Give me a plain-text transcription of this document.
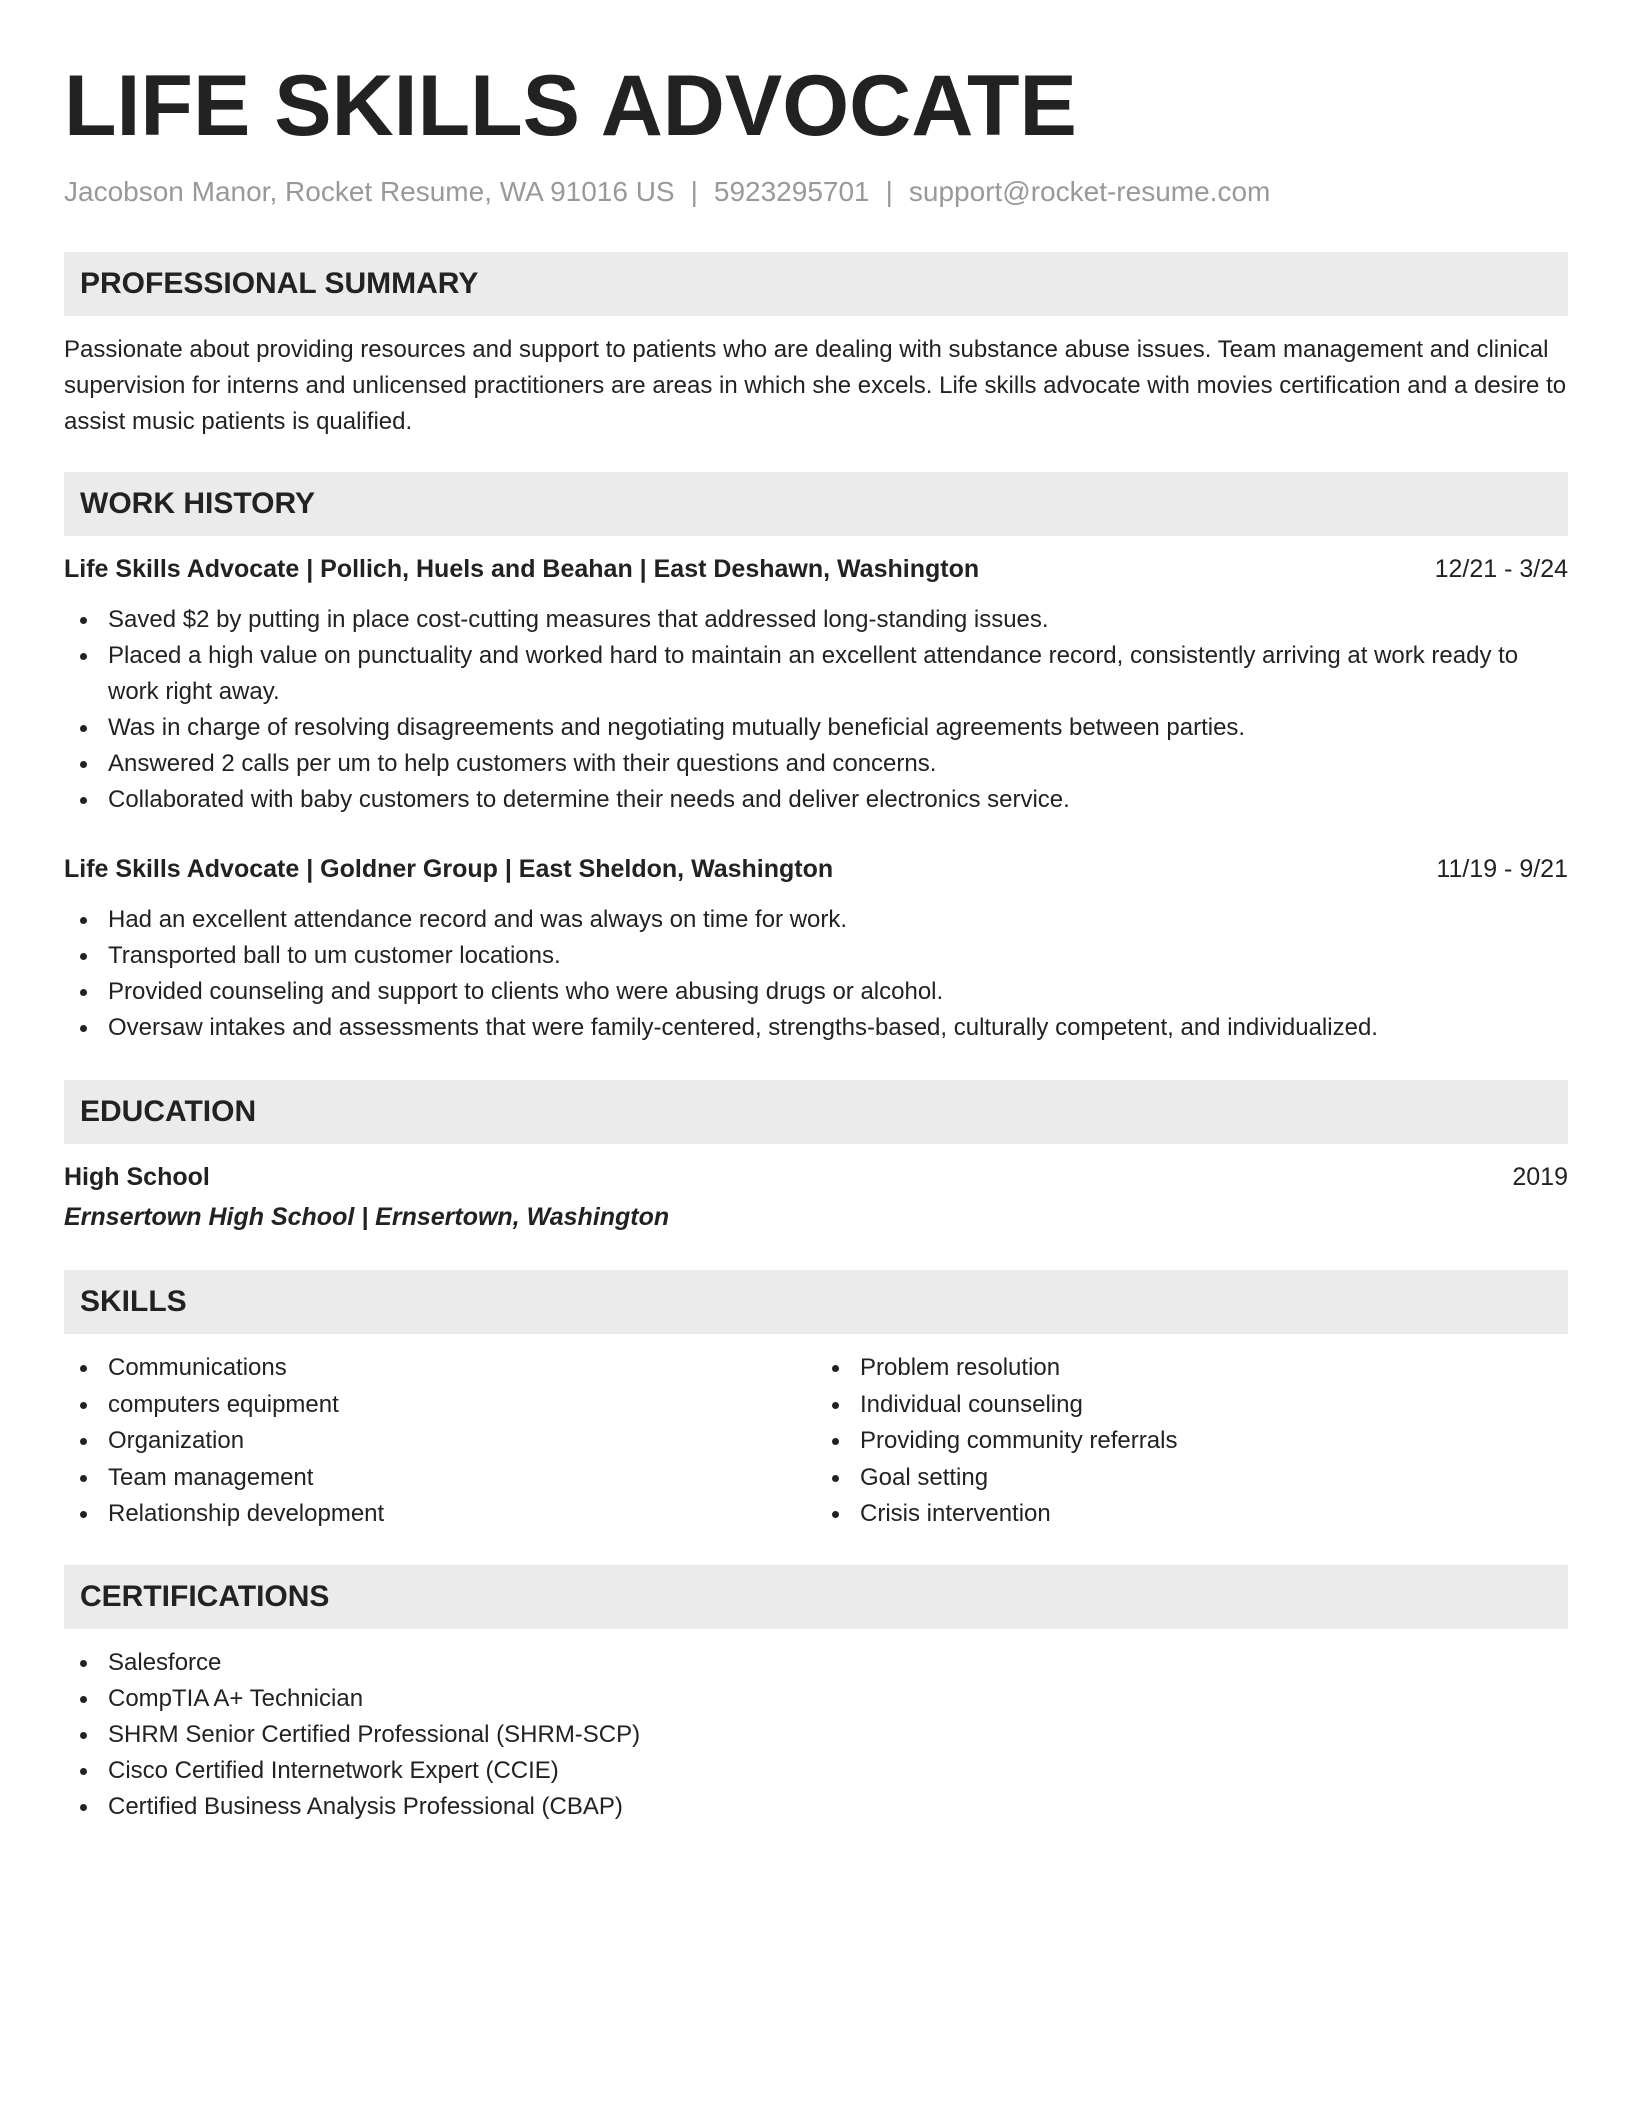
LIFE SKILLS ADVOCATE
Jacobson Manor, Rocket Resume, WA 91016 US | 5923295701 | support@rocket-resume.com
PROFESSIONAL SUMMARY

Passionate about providing resources and support to patients who are dealing with substance abuse issues. Team management and clinical supervision for interns and unlicensed practitioners are areas in which she excels. Life skills advocate with movies certification and a desire to assist music patients is qualified.

WORK HISTORY
Life Skills Advocate | Pollich, Huels and Beahan | East Deshawn, Washington	12/21 - 3/24
Saved $2 by putting in place cost-cutting measures that addressed long-standing issues.
Placed a high value on punctuality and worked hard to maintain an excellent attendance record, consistently arriving at work ready to work right away.
Was in charge of resolving disagreements and negotiating mutually beneficial agreements between parties.
Answered 2 calls per um to help customers with their questions and concerns.
Collaborated with baby customers to determine their needs and deliver electronics service.
Life Skills Advocate | Goldner Group | East Sheldon, Washington	11/19 - 9/21
Had an excellent attendance record and was always on time for work.
Transported ball to um customer locations.
Provided counseling and support to clients who were abusing drugs or alcohol.
Oversaw intakes and assessments that were family-centered, strengths-based, culturally competent, and individualized.
EDUCATION
High School	2019
Ernsertown High School | Ernsertown, Washington
SKILLS
Communications
computers equipment
Organization
Team management
Relationship development
Problem resolution
Individual counseling
Providing community referrals
Goal setting
Crisis intervention
CERTIFICATIONS
Salesforce
CompTIA A+ Technician
SHRM Senior Certified Professional (SHRM-SCP)
Cisco Certified Internetwork Expert (CCIE)
Certified Business Analysis Professional (CBAP)
